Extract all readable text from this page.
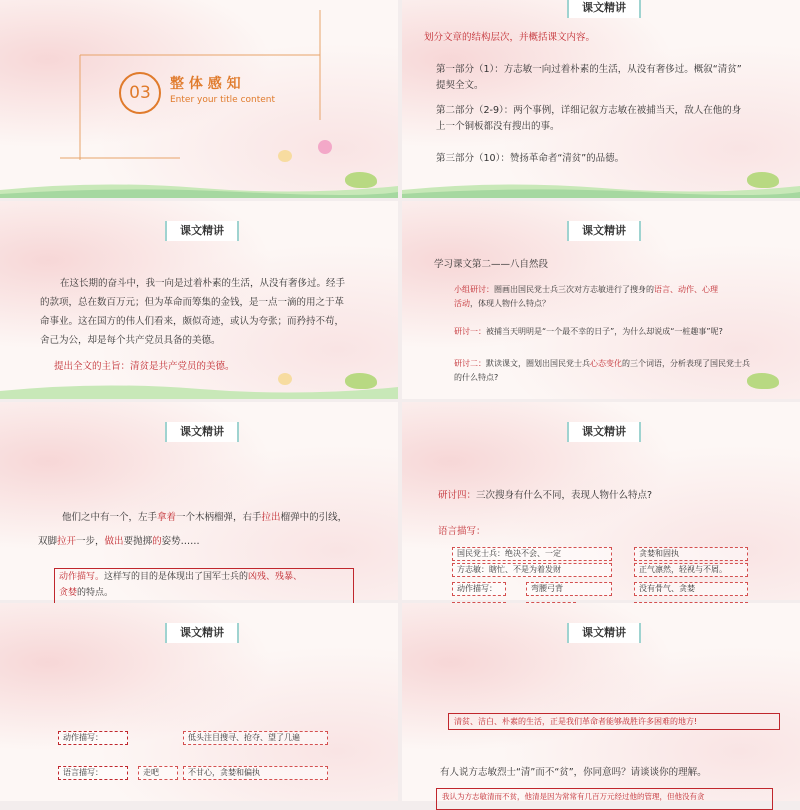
03	整 体 感 知
Enter your title content
课文精讲
划分文章的结构层次，并概括课文内容。
第一部分（1）：方志敏一向过着朴素的生活，从没有奢侈过。概叙“清贫”
提契全文。
第二部分（2-9）：两个事例，详细记叙方志敏在被捕当天，敌人在他的身
上一个铜板都没有搜出的事。
第三部分（10）：赞扬革命者“清贫”的品德。
课文精讲
在这长期的奋斗中，我一向是过着朴素的生活，从没有奢侈过。经手
的款项，总在数百万元；但为革命而筹集的金钱，是一点一滴的用之于革
命事业。这在国方的伟人们看来，颇似奇迹，或认为夸张；而矜持不苟，
舍己为公，却是每个共产党员具备的美德。
提出全文的主旨：清贫是共产党员的美德。
课文精讲
学习课文第二——八自然段
小组研讨：圈画出国民党士兵三次对方志敏进行了搜身的语言、动作、心理
活动，体现人物什么特点？
研讨一：被捕当天明明是“一个最不幸的日子”，为什么却说成“一桩趣事”呢?
研讨二：默读课文，圈划出国民党士兵心态变化的三个词语，分析表现了国民党士兵
的什么特点?
课文精讲
他们之中有一个，左手拿着一个木柄榴弹，右手拉出榴弹中的引线，
双脚拉开一步，做出要抛掷的姿势……
动作描写。这样写的目的是体现出了国军士兵的凶残、残暴、
贪婪的特点。
课文精讲
研讨四：三次搜身有什么不同，表现人物什么特点?
语言描写：
国民党士兵：绝决不会、一定	贪婪和固执
方志敏：瞎忙、不是为着发财	正气凛然，轻视与不屑。
动作描写：	弯腰弓背	没有骨气、贪婪
课文精讲
动作描写：	低头注目搜寻、抢夺、望了几遍
语言描写：	走吧	不甘心，贪婪和偏执
课文精讲
清贫、洁白、朴素的生活，正是我们革命者能够战胜许多困难的地方!
有人说方志敏烈士“清”而不“贫”，你同意吗？请谈谈你的理解。
我认为方志敏清而不贫，他清是因为常常有几百万元经过他的管理，但他没有贪
